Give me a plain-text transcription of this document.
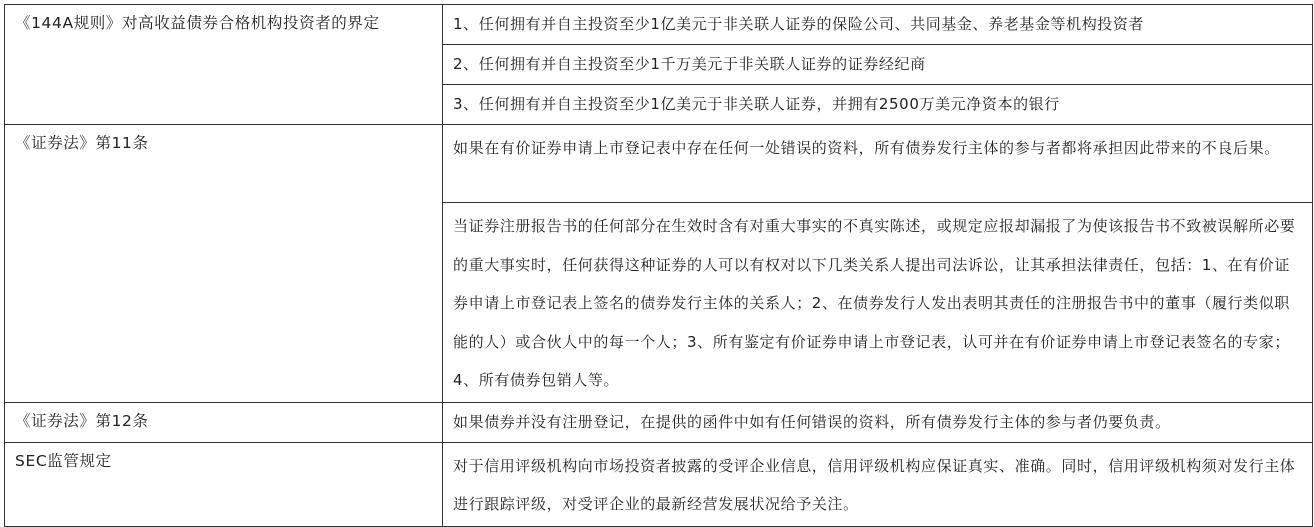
《144A规则》对高收益债券合格机构投资者的界定	1、任何拥有并自主投资至少1亿美元于非关联人证券的保险公司、共同基金、养老基金等机构投资者
	2、任何拥有并自主投资至少1千万美元于非关联人证券的证券经纪商
	3、任何拥有并自主投资至少1亿美元于非关联人证券，并拥有2500万美元净资本的银行
《证券法》第11条	如果在有价证券申请上市登记表中存在任何一处错误的资料，所有债券发行主体的参与者都将承担因此带来的不良后果。
	当证券注册报告书的任何部分在生效时含有对重大事实的不真实陈述，或规定应报却漏报了为使该报告书不致被误解所必要的重大事实时，任何获得这种证券的人可以有权对以下几类关系人提出司法诉讼，让其承担法律责任，包括：1、在有价证券申请上市登记表上签名的债券发行主体的关系人；2、在债券发行人发出表明其责任的注册报告书中的董事（履行类似职能的人）或合伙人中的每一个人；3、所有鉴定有价证券申请上市登记表，认可并在有价证券申请上市登记表签名的专家；4、所有债券包销人等。
《证券法》第12条	如果债券并没有注册登记，在提供的函件中如有任何错误的资料，所有债券发行主体的参与者仍要负责。
SEC监管规定	对于信用评级机构向市场投资者披露的受评企业信息，信用评级机构应保证真实、准确。同时，信用评级机构须对发行主体进行跟踪评级，对受评企业的最新经营发展状况给予关注。
